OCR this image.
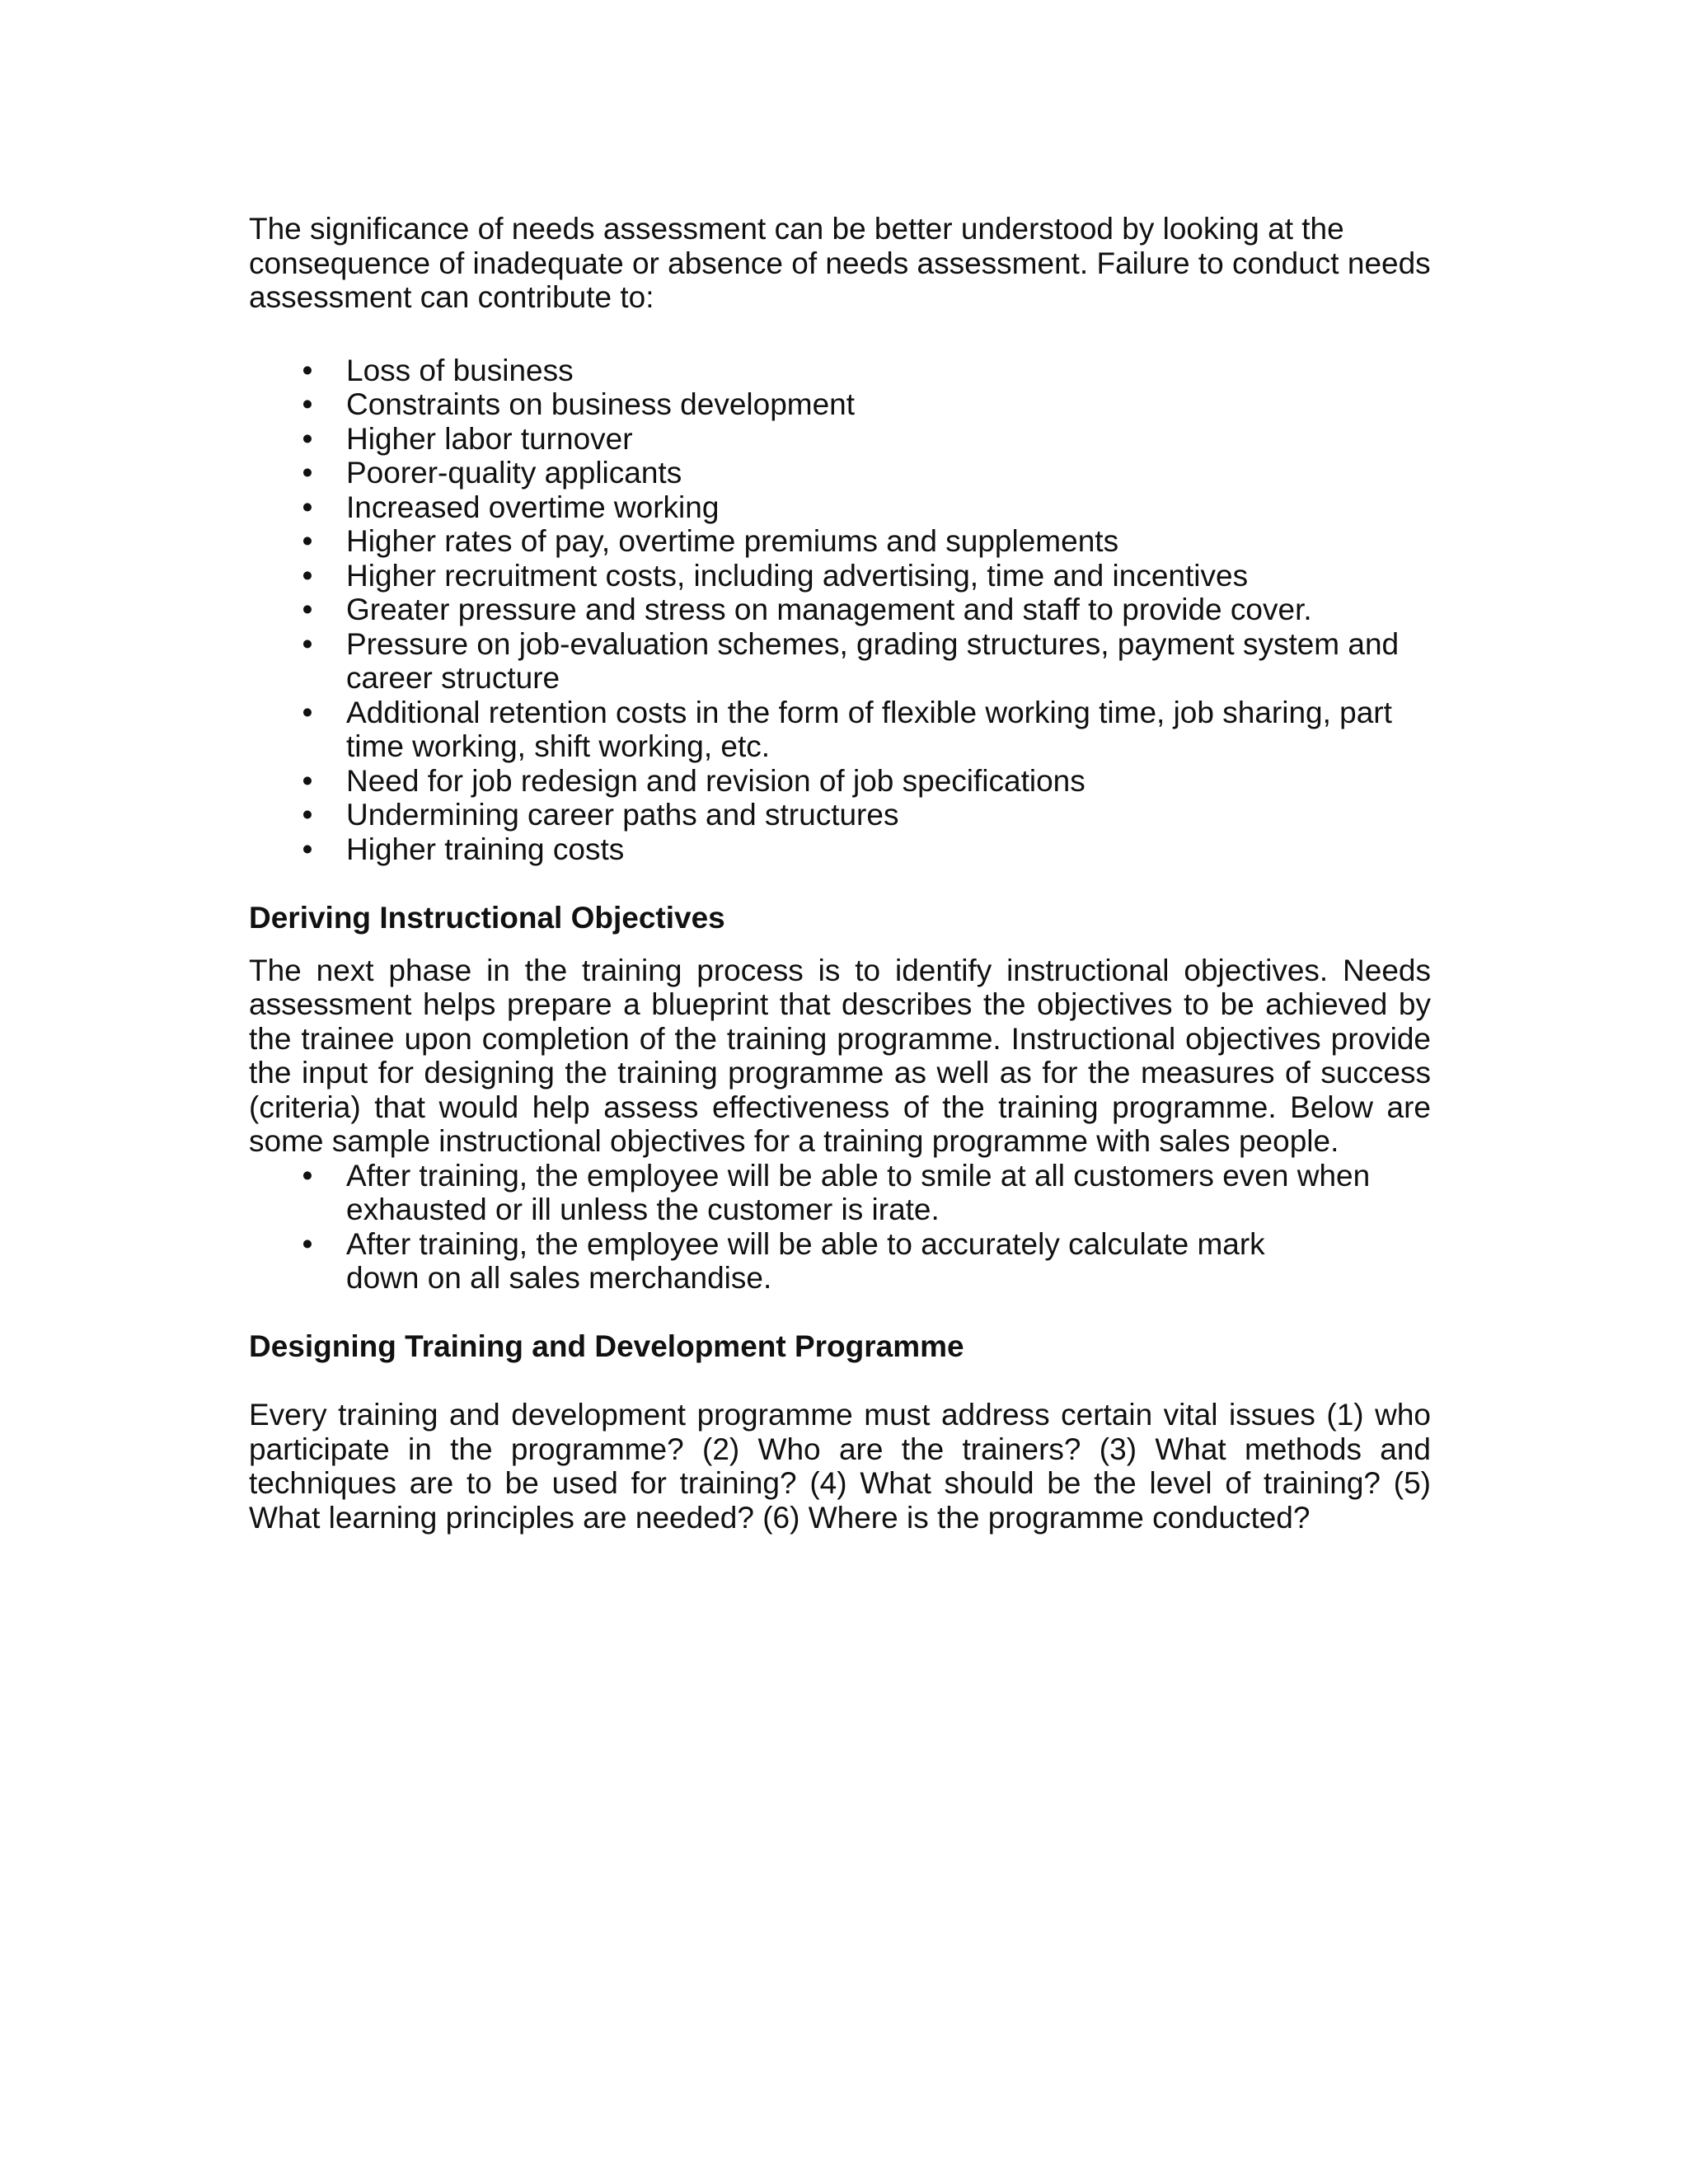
The significance of needs assessment can be better understood by looking at the consequence of inadequate or absence of needs assessment. Failure to conduct needs assessment can contribute to:

• Loss of business
• Constraints on business development
• Higher labor turnover
• Poorer-quality applicants
• Increased overtime working
• Higher rates of pay, overtime premiums and supplements
• Higher recruitment costs, including advertising, time and incentives
• Greater pressure and stress on management and staff to provide cover.
• Pressure on job-evaluation schemes, grading structures, payment system and career structure
• Additional retention costs in the form of flexible working time, job sharing, part time working, shift working, etc.
• Need for job redesign and revision of job specifications
• Undermining career paths and structures
• Higher training costs
Deriving Instructional Objectives

The next phase in the training process is to identify instructional objectives. Needs assessment helps prepare a blueprint that describes the objectives to be achieved by the trainee upon completion of the training programme. Instructional objectives provide the input for designing the training programme as well as for the measures of success (criteria) that would help assess effectiveness of the training programme. Below are some sample instructional objectives for a training programme with sales people.

• After training, the employee will be able to smile at all customers even when exhausted or ill unless the customer is irate.
• After training, the employee will be able to accurately calculate mark down on all sales merchandise.
Designing Training and Development Programme

Every training and development programme must address certain vital issues (1) who participate in the programme? (2) Who are the trainers? (3) What methods and techniques are to be used for training? (4) What should be the level of training? (5) What learning principles are needed? (6) Where is the programme conducted?
